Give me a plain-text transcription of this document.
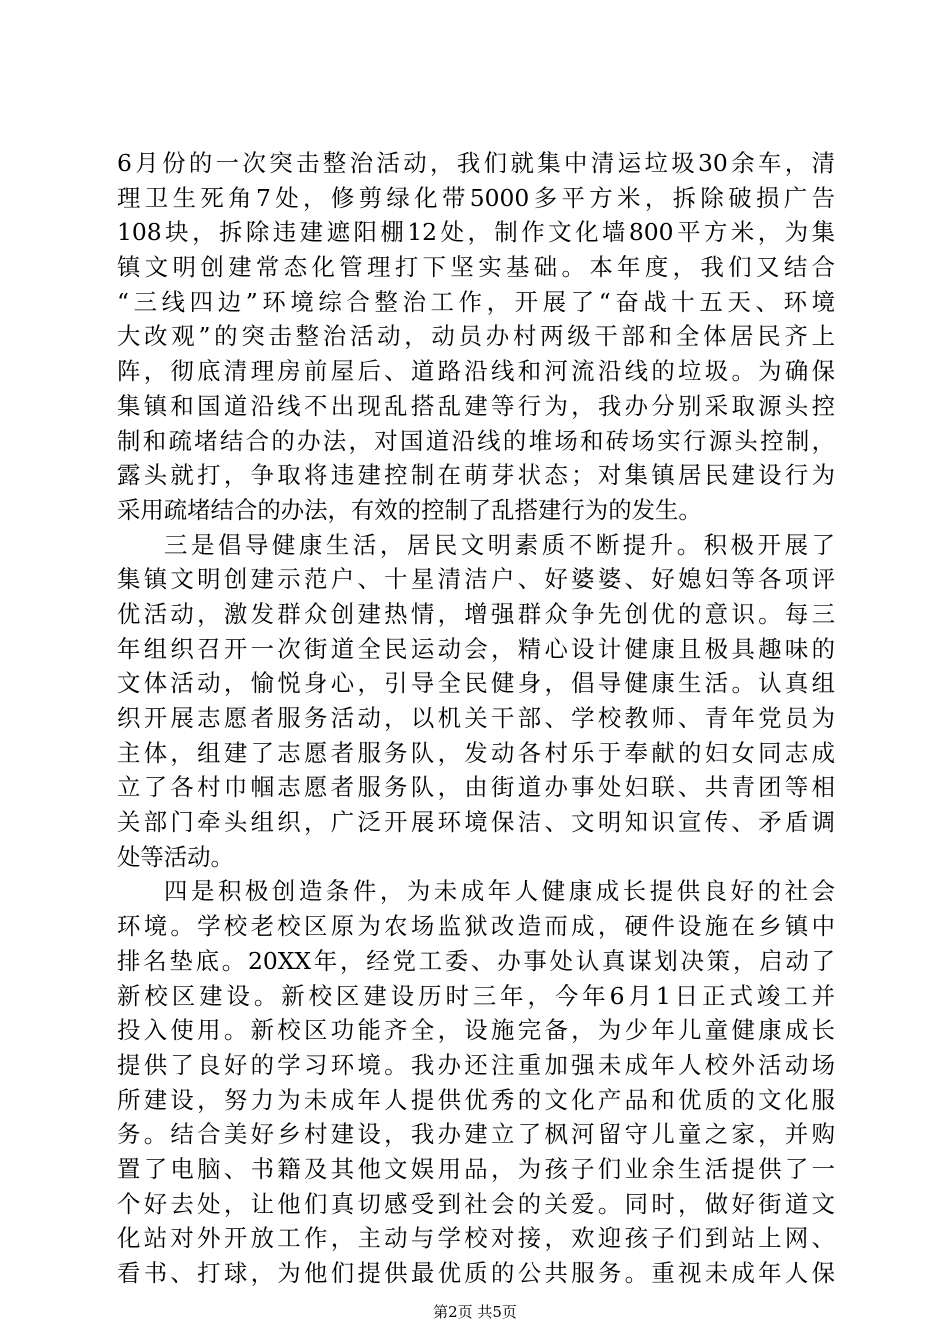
6月份的一次突击整治活动，我们就集中清运垃圾30余车，清
理卫生死角7处，修剪绿化带5000多平方米，拆除破损广告
108块，拆除违建遮阳棚12处，制作文化墙800平方米，为集
镇文明创建常态化管理打下坚实基础。本年度，我们又结合
“三线四边”环境综合整治工作，开展了“奋战十五天、环境
大改观”的突击整治活动，动员办村两级干部和全体居民齐上
阵，彻底清理房前屋后、道路沿线和河流沿线的垃圾。为确保
集镇和国道沿线不出现乱搭乱建等行为，我办分别采取源头控
制和疏堵结合的办法，对国道沿线的堆场和砖场实行源头控制，
露头就打，争取将违建控制在萌芽状态；对集镇居民建设行为
采用疏堵结合的办法，有效的控制了乱搭建行为的发生。
三是倡导健康生活，居民文明素质不断提升。积极开展了
集镇文明创建示范户、十星清洁户、好婆婆、好媳妇等各项评
优活动，激发群众创建热情，增强群众争先创优的意识。每三
年组织召开一次街道全民运动会，精心设计健康且极具趣味的
文体活动，愉悦身心，引导全民健身，倡导健康生活。认真组
织开展志愿者服务活动，以机关干部、学校教师、青年党员为
主体，组建了志愿者服务队，发动各村乐于奉献的妇女同志成
立了各村巾帼志愿者服务队，由街道办事处妇联、共青团等相
关部门牵头组织，广泛开展环境保洁、文明知识宣传、矛盾调
处等活动。
四是积极创造条件，为未成年人健康成长提供良好的社会
环境。学校老校区原为农场监狱改造而成，硬件设施在乡镇中
排名垫底。20XX年，经党工委、办事处认真谋划决策，启动了
新校区建设。新校区建设历时三年，今年6月1日正式竣工并
投入使用。新校区功能齐全，设施完备，为少年儿童健康成长
提供了良好的学习环境。我办还注重加强未成年人校外活动场
所建设，努力为未成年人提供优秀的文化产品和优质的文化服
务。结合美好乡村建设，我办建立了枫河留守儿童之家，并购
置了电脑、书籍及其他文娱用品，为孩子们业余生活提供了一
个好去处，让他们真切感受到社会的关爱。同时，做好街道文
化站对外开放工作，主动与学校对接，欢迎孩子们到站上网、
看书、打球，为他们提供最优质的公共服务。重视未成年人保
第2页 共5页
